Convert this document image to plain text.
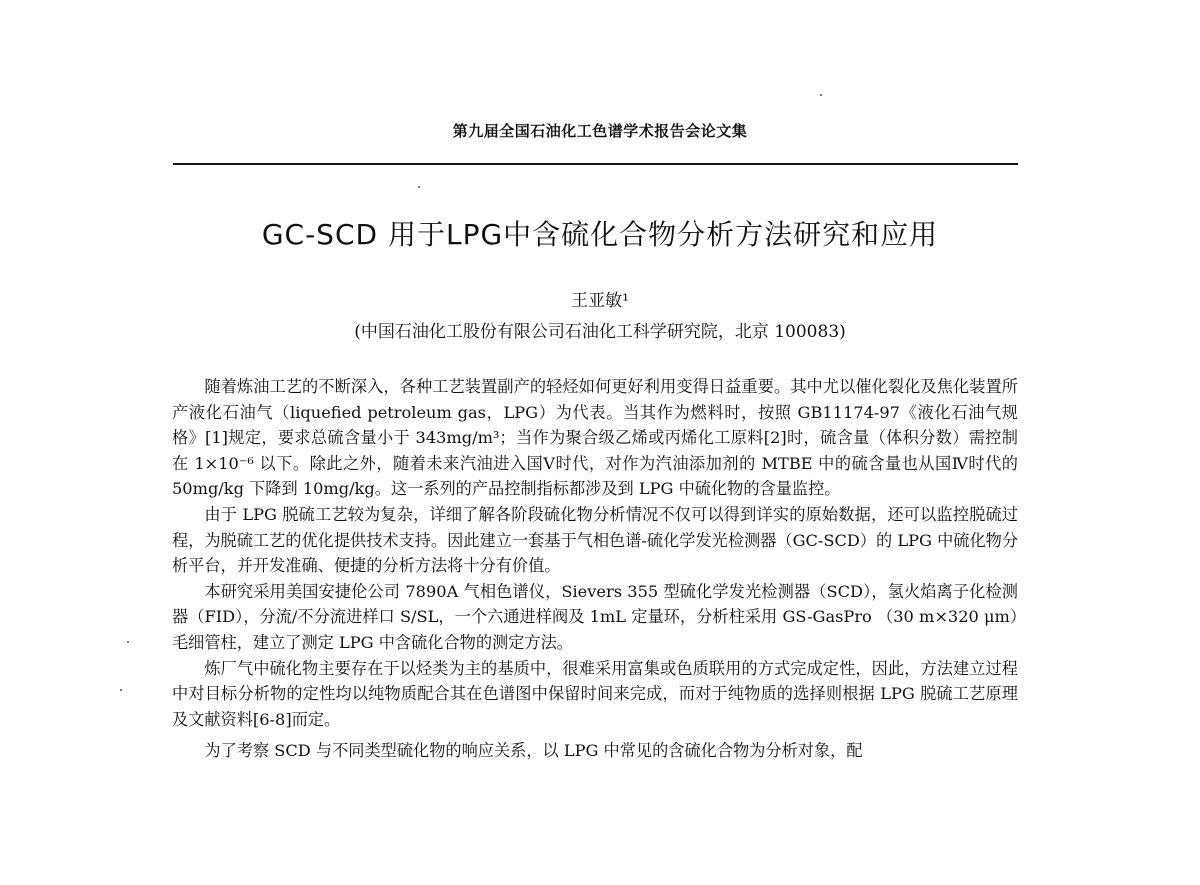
第九届全国石油化工色谱学术报告会论文集
GC-SCD 用于LPG中含硫化合物分析方法研究和应用
王亚敏¹
(中国石油化工股份有限公司石油化工科学研究院，北京 100083)

随着炼油工艺的不断深入，各种工艺装置副产的轻烃如何更好利用变得日益重要。其中尤以催化裂化及焦化装置所产液化石油气（liquefied petroleum gas，LPG）为代表。当其作为燃料时，按照 GB11174-97《液化石油气规格》[1]规定，要求总硫含量小于 343mg/m³；当作为聚合级乙烯或丙烯化工原料[2]时，硫含量（体积分数）需控制在 1×10⁻⁶ 以下。除此之外，随着未来汽油进入国Ⅴ时代，对作为汽油添加剂的 MTBE 中的硫含量也从国Ⅳ时代的 50mg/kg 下降到 10mg/kg。这一系列的产品控制指标都涉及到 LPG 中硫化物的含量监控。

由于 LPG 脱硫工艺较为复杂，详细了解各阶段硫化物分析情况不仅可以得到详实的原始数据，还可以监控脱硫过程，为脱硫工艺的优化提供技术支持。因此建立一套基于气相色谱-硫化学发光检测器（GC-SCD）的 LPG 中硫化物分析平台，并开发准确、便捷的分析方法将十分有价值。

本研究采用美国安捷伦公司 7890A 气相色谱仪，Sievers 355 型硫化学发光检测器（SCD），氢火焰离子化检测器（FID），分流/不分流进样口 S/SL，一个六通进样阀及 1mL 定量环，分析柱采用 GS-GasPro （30 m×320 μm）毛细管柱，建立了测定 LPG 中含硫化合物的测定方法。

炼厂气中硫化物主要存在于以烃类为主的基质中，很难采用富集或色质联用的方式完成定性，因此，方法建立过程中对目标分析物的定性均以纯物质配合其在色谱图中保留时间来完成，而对于纯物质的选择则根据 LPG 脱硫工艺原理及文献资料[6-8]而定。

为了考察 SCD 与不同类型硫化物的响应关系，以 LPG 中常见的含硫化合物为分析对象，配
